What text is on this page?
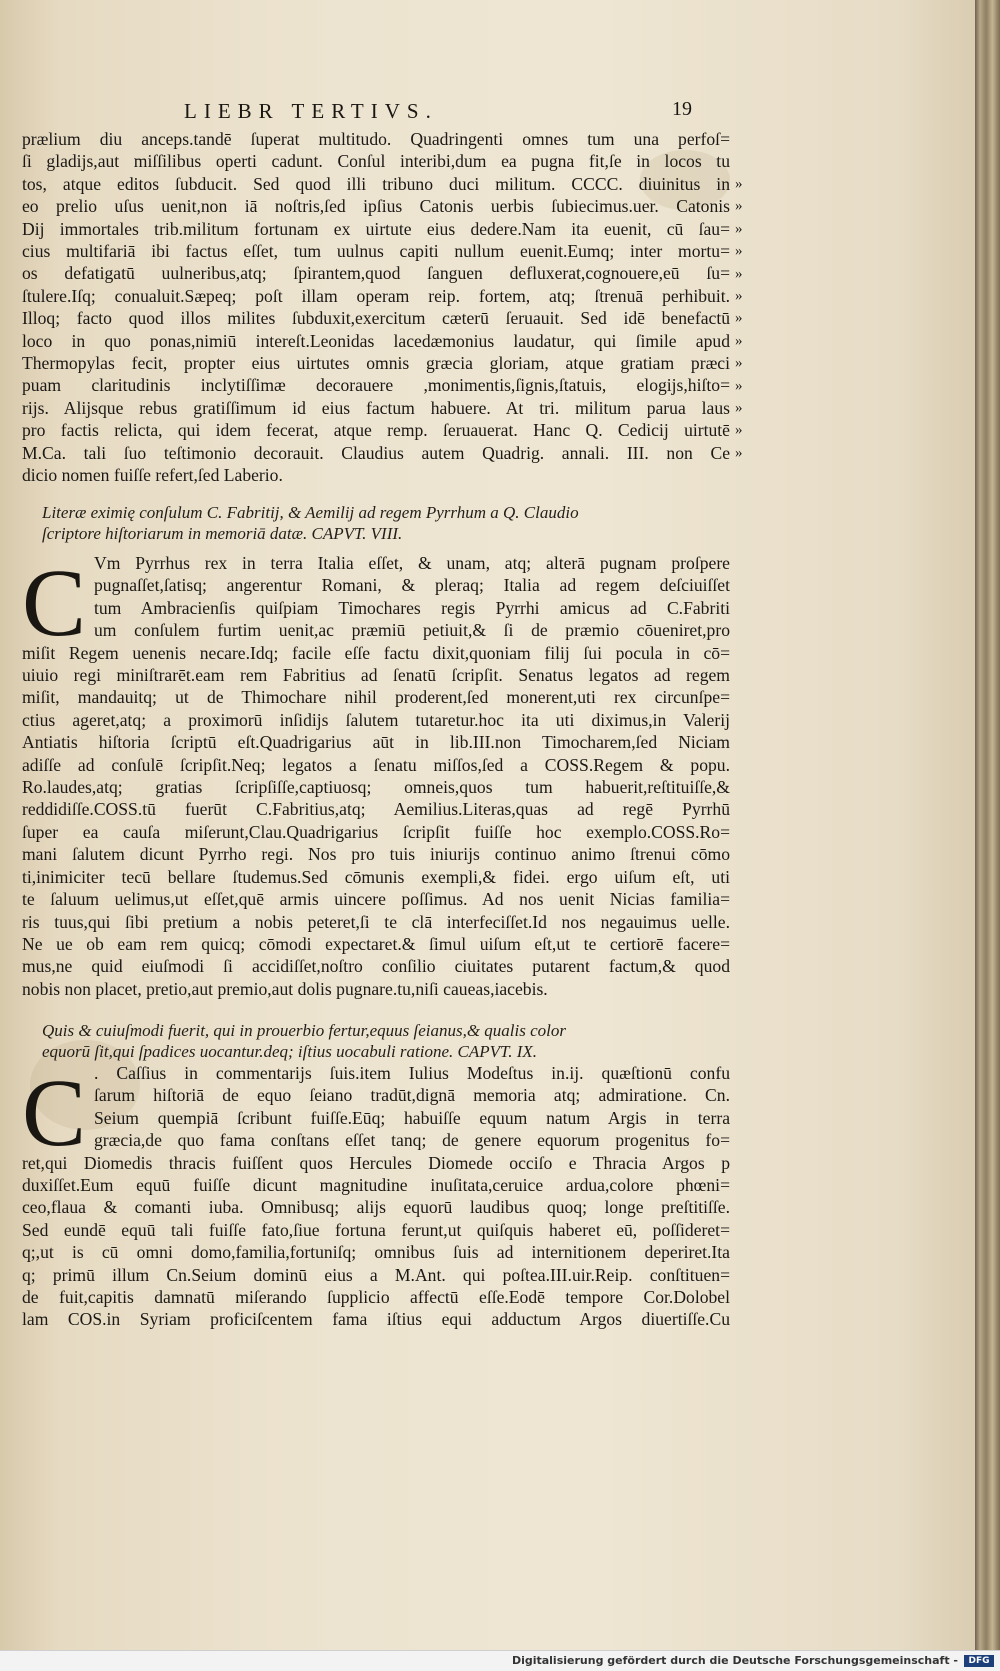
LIEBR TERTIVS.	19
prælium diu anceps.tandē ſuperat multitudo. Quadringenti omnes tum una perfoſ=
ſi gladijs,aut miſſilibus operti cadunt. Conſul interibi,dum ea pugna fit,ſe in locos tu
tos, atque editos ſubducit. Sed quod illi tribuno duci militum. CCCC. diuinitus in
eo prelio uſus uenit,non iā noſtris,ſed ipſius Catonis uerbis ſubiecimus.uer. Catonis
Dij immortales trib.militum fortunam ex uirtute eius dedere.Nam ita euenit, cū ſau=
cius multifariā ibi factus eſſet, tum uulnus capiti nullum euenit.Eumq; inter mortu=
os defatigatū uulneribus,atq; ſpirantem,quod ſanguen defluxerat,cognouere,eū ſu=
ſtulere.Iſq; conualuit.Sæpeq; poſt illam operam reip. fortem, atq; ſtrenuā perhibuit.
Illoq; facto quod illos milites ſubduxit,exercitum cæterū ſeruauit. Sed idē benefactū
loco in quo ponas,nimiū intereſt.Leonidas lacedæmonius laudatur, qui ſimile apud
Thermopylas fecit, propter eius uirtutes omnis græcia gloriam, atque gratiam præci
puam claritudinis inclytiſſimæ decorauere ,monimentis,ſignis,ſtatuis, elogijs,hiſto=
rijs. Alijsque rebus gratiſſimum id eius factum habuere. At tri. militum parua laus
pro factis relicta, qui idem fecerat, atque remp. ſeruauerat. Hanc Q. Cedicij uirtutē
M.Ca. tali ſuo teſtimonio decorauit. Claudius autem Quadrig. annali. III. non Ce
dicio nomen fuiſſe refert,ſed Laberio.
»
»
»
»
»
»
»
»
»
»
»
»
»
Literæ eximię conſulum C. Fabritij, & Aemilij ad regem Pyrrhum a Q. Claudio
ſcriptore hiſtoriarum in memoriā datæ. CAPVT. VIII.
C Vm Pyrrhus rex in terra Italia eſſet, & unam, atq; alterā pugnam proſpere
pugnaſſet,ſatisq; angerentur Romani, & pleraq; Italia ad regem deſciuiſſet
tum Ambracienſis quiſpiam Timochares regis Pyrrhi amicus ad C.Fabriti
um conſulem furtim uenit,ac præmiū petiuit,& ſi de præmio cōueniret,pro
miſit Regem uenenis necare.Idq; facile eſſe factu dixit,quoniam filij ſui pocula in cō=
uiuio regi miniſtrarēt.eam rem Fabritius ad ſenatū ſcripſit. Senatus legatos ad regem
miſit, mandauitq; ut de Thimochare nihil proderent,ſed monerent,uti rex circunſpe=
ctius ageret,atq; a proximorū inſidijs ſalutem tutaretur.hoc ita uti diximus,in Valerij
Antiatis hiſtoria ſcriptū eſt.Quadrigarius aūt in lib.III.non Timocharem,ſed Niciam
adiſſe ad conſulē ſcripſit.Neq; legatos a ſenatu miſſos,ſed a COSS.Regem & popu.
Ro.laudes,atq; gratias ſcripſiſſe,captiuosq; omneis,quos tum habuerit,reſtituiſſe,&
reddidiſſe.COSS.tū fuerūt C.Fabritius,atq; Aemilius.Literas,quas ad regē Pyrrhū
ſuper ea cauſa miſerunt,Clau.Quadrigarius ſcripſit fuiſſe hoc exemplo.COSS.Ro=
mani ſalutem dicunt Pyrrho regi. Nos pro tuis iniurijs continuo animo ſtrenui cōmo
ti,inimiciter tecū bellare ſtudemus.Sed cōmunis exempli,& fidei. ergo uiſum eſt, uti
te ſaluum uelimus,ut eſſet,quē armis uincere poſſimus. Ad nos uenit Nicias familia=
ris tuus,qui ſibi pretium a nobis peteret,ſi te clā interfeciſſet.Id nos negauimus uelle.
Ne ue ob eam rem quicq; cōmodi expectaret.& ſimul uiſum eſt,ut te certiorē facere=
mus,ne quid eiuſmodi ſi accidiſſet,noſtro conſilio ciuitates putarent factum,& quod
nobis non placet, pretio,aut premio,aut dolis pugnare.tu,niſi caueas,iacebis.
Quis & cuiuſmodi fuerit, qui in prouerbio fertur,equus ſeianus,& qualis color
equorū ſit,qui ſpadices uocantur.deq; iſtius uocabuli ratione. CAPVT. IX.
C . Caſſius in commentarijs ſuis.item Iulius Modeſtus in.ij. quæſtionū confu
ſarum hiſtoriā de equo ſeiano tradūt,dignā memoria atq; admiratione. Cn.
Seium quempiā ſcribunt fuiſſe.Eūq; habuiſſe equum natum Argis in terra
græcia,de quo fama conſtans eſſet tanq; de genere equorum progenitus fo=
ret,qui Diomedis thracis fuiſſent quos Hercules Diomede occiſo e Thracia Argos p
duxiſſet.Eum equū fuiſſe dicunt magnitudine inuſitata,ceruice ardua,colore phœni=
ceo,flaua & comanti iuba. Omnibusq; alijs equorū laudibus quoq; longe preſtitiſſe.
Sed eundē equū tali fuiſſe fato,ſiue fortuna ferunt,ut quiſquis haberet eū, poſſideret=
q;,ut is cū omni domo,familia,fortuniſq; omnibus ſuis ad internitionem deperiret.Ita
q; primū illum Cn.Seium dominū eius a M.Ant. qui poſtea.III.uir.Reip. conſtituen=
de fuit,capitis damnatū miſerando ſupplicio affectū eſſe.Eodē tempore Cor.Dolobel
lam COS.in Syriam proficiſcentem fama iſtius equi adductum Argos diuertiſſe.Cu
Digitalisierung gefördert durch die Deutsche Forschungsgemeinschaft -	DFG
